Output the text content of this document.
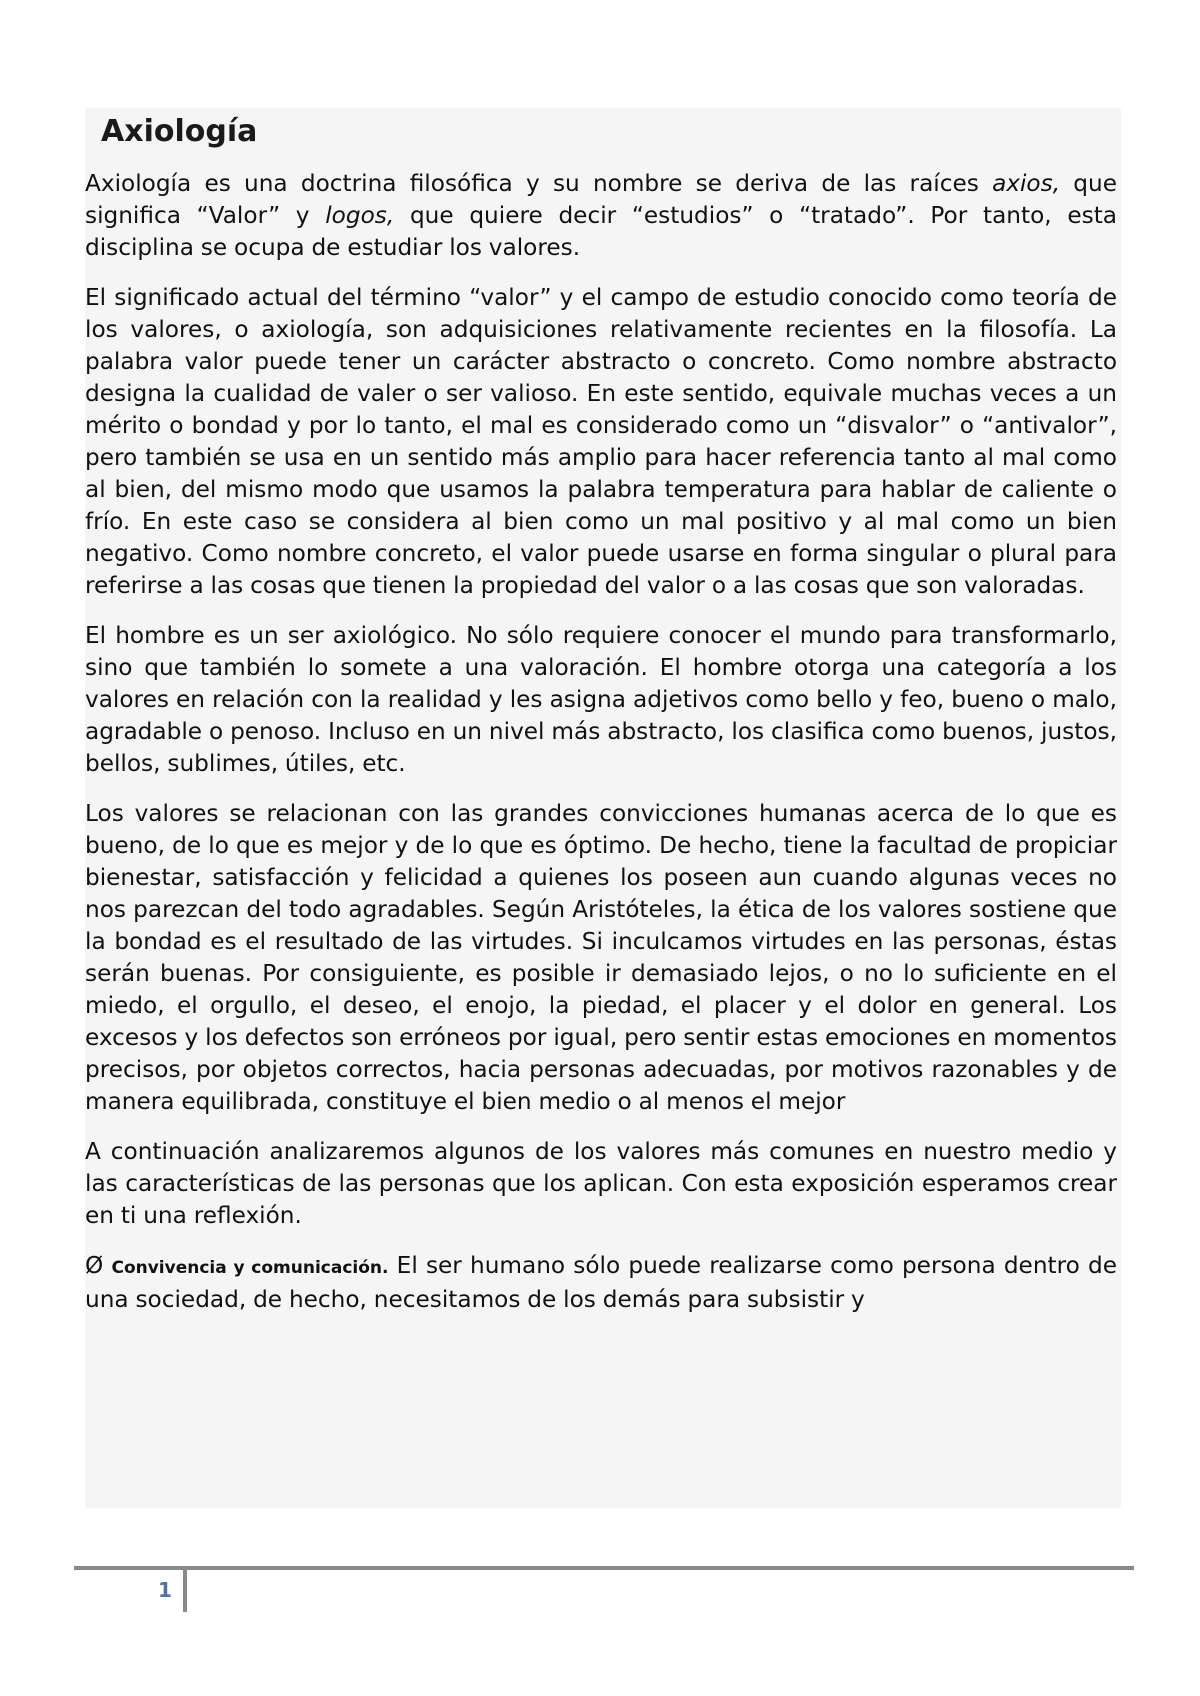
Axiología

Axiología es una doctrina filosófica y su nombre se deriva de las raíces axios, que significa “Valor” y logos, que quiere decir “estudios” o “tratado”. Por tanto, esta disciplina se ocupa de estudiar los valores.

El significado actual del término “valor” y el campo de estudio conocido como teoría de los valores, o axiología, son adquisiciones relativamente recientes en la filosofía. La palabra valor puede tener un carácter abstracto o concreto. Como nombre abstracto designa la cualidad de valer o ser valioso. En este sentido, equivale muchas veces a un mérito o bondad y por lo tanto, el mal es considerado como un “disvalor” o “antivalor”, pero también se usa en un sentido más amplio para hacer referencia tanto al mal como al bien, del mismo modo que usamos la palabra temperatura para hablar de caliente o frío. En este caso se considera al bien como un mal positivo y al mal como un bien negativo. Como nombre concreto, el valor puede usarse en forma singular o plural para referirse a las cosas que tienen la propiedad del valor o a las cosas que son valoradas.

El hombre es un ser axiológico. No sólo requiere conocer el mundo para transformarlo, sino que también lo somete a una valoración. El hombre otorga una categoría a los valores en relación con la realidad y les asigna adjetivos como bello y feo, bueno o malo, agradable o penoso. Incluso en un nivel más abstracto, los clasifica como buenos, justos, bellos, sublimes, útiles, etc.

Los valores se relacionan con las grandes convicciones humanas acerca de lo que es bueno, de lo que es mejor y de lo que es óptimo. De hecho, tiene la facultad de propiciar bienestar, satisfacción y felicidad a quienes los poseen aun cuando algunas veces no nos parezcan del todo agradables. Según Aristóteles, la ética de los valores sostiene que la bondad es el resultado de las virtudes. Si inculcamos virtudes en las personas, éstas serán buenas. Por consiguiente, es posible ir demasiado lejos, o no lo suficiente en el miedo, el orgullo, el deseo, el enojo, la piedad, el placer y el dolor en general. Los excesos y los defectos son erróneos por igual, pero sentir estas emociones en momentos precisos, por objetos correctos, hacia personas adecuadas, por motivos razonables y de manera equilibrada, constituye el bien medio o al menos el mejor

A continuación analizaremos algunos de los valores más comunes en nuestro medio y las características de las personas que los aplican. Con esta exposición esperamos crear en ti una reflexión.

Ø Convivencia y comunicación. El ser humano sólo puede realizarse como persona dentro de una sociedad, de hecho, necesitamos de los demás para subsistir y

1
